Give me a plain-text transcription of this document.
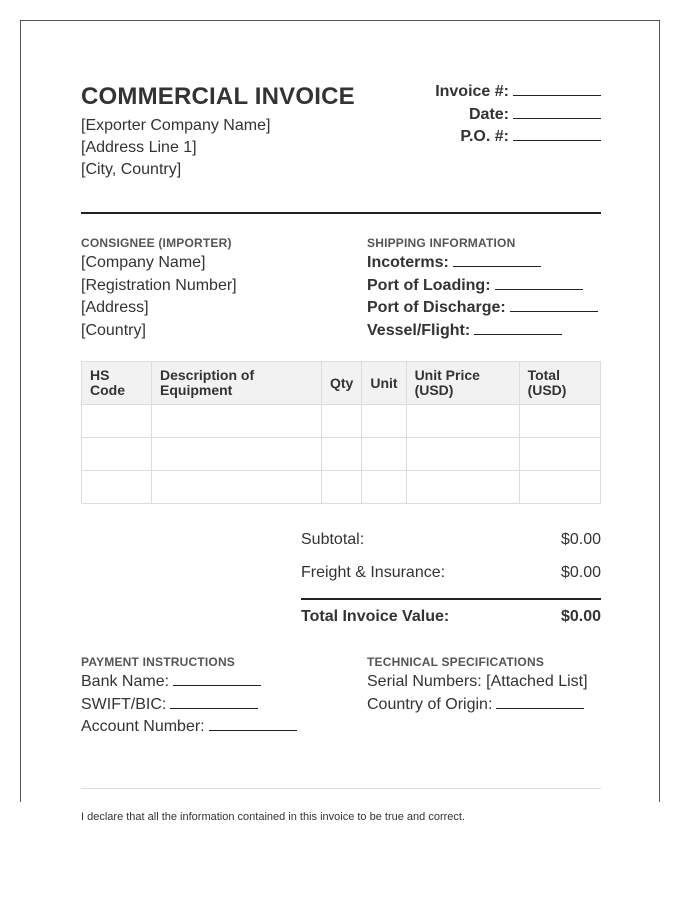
COMMERCIAL INVOICE
[Exporter Company Name]
[Address Line 1]
[City, Country]
Invoice #:
Date:
P.O. #:
CONSIGNEE (IMPORTER)
[Company Name]
[Registration Number]
[Address]
[Country]
SHIPPING INFORMATION
Incoterms:
Port of Loading:
Port of Discharge:
Vessel/Flight:
HS Code	Description of Equipment	Qty	Unit	Unit Price (USD)	Total (USD)

Subtotal:	$0.00
Freight & Insurance:	$0.00
Total Invoice Value:	$0.00
PAYMENT INSTRUCTIONS
Bank Name:
SWIFT/BIC:
Account Number:
TECHNICAL SPECIFICATIONS
Serial Numbers: [Attached List]
Country of Origin:
I declare that all the information contained in this invoice to be true and correct.
